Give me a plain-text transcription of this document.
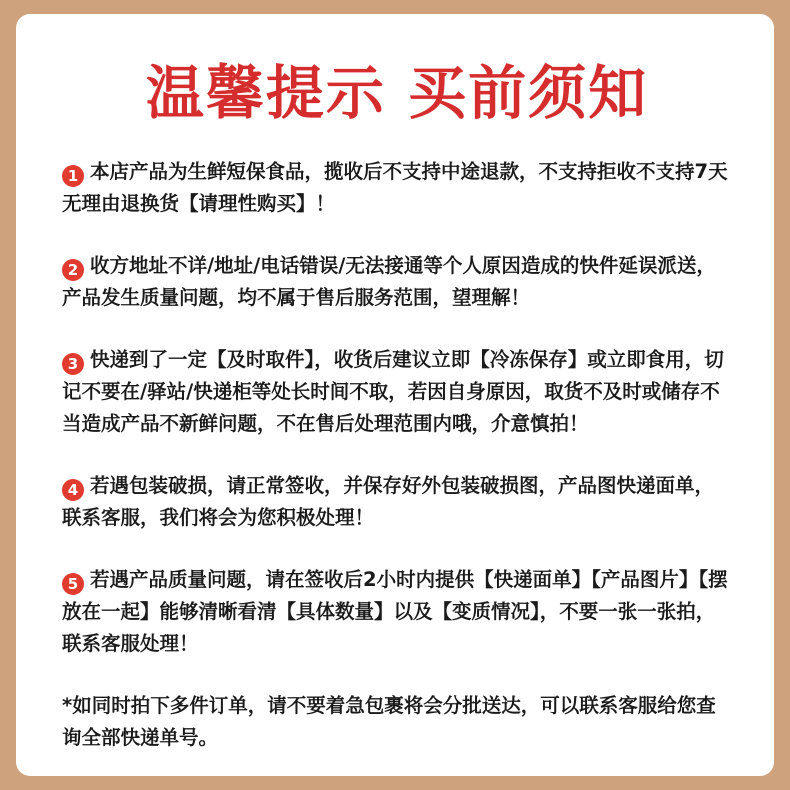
温馨提示 买前须知
1 本店产品为生鲜短保食品，揽收后不支持中途退款，不支持拒收不支持7天无理由退换货【请理性购买】！
2 收方地址不详/地址/电话错误/无法接通等个人原因造成的快件延误派送，产品发生质量问题，均不属于售后服务范围，望理解！
3 快递到了一定【及时取件】，收货后建议立即【冷冻保存】或立即食用，切记不要在/驿站/快递柜等处长时间不取，若因自身原因，取货不及时或储存不当造成产品不新鲜问题，不在售后处理范围内哦，介意慎拍！
4 若遇包装破损，请正常签收，并保存好外包装破损图，产品图快递面单，联系客服，我们将会为您积极处理！
5 若遇产品质量问题，请在签收后2小时内提供【快递面单】【产品图片】【摆放在一起】能够清晰看清【具体数量】以及【变质情况】，不要一张一张拍，联系客服处理！
*如同时拍下多件订单，请不要着急包裹将会分批送达，可以联系客服给您查询全部快递单号。
